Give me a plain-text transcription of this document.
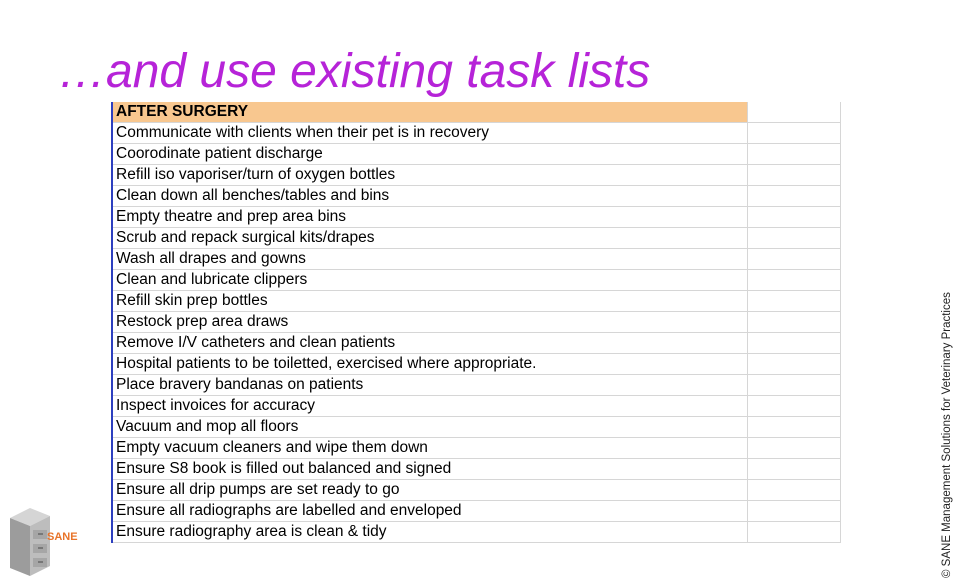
…and use existing task lists
AFTER SURGERY	
Communicate with clients when their pet is in recovery	
Coorodinate patient discharge	
Refill iso vaporiser/turn of oxygen bottles	
Clean down all benches/tables and bins	
Empty theatre and prep area bins	
Scrub and repack surgical kits/drapes	
Wash all drapes and gowns	
Clean and lubricate clippers	
Refill skin prep bottles	
Restock prep area draws	
Remove I/V catheters and clean patients	
Hospital patients to be toiletted, exercised where appropriate.	
Place bravery bandanas on patients	
Inspect invoices for accuracy	
Vacuum and mop all floors	
Empty vacuum cleaners and wipe them down	
Ensure S8 book is filled out balanced and signed	
Ensure all drip pumps are set ready to go	
Ensure all radiographs are labelled and enveloped	
Ensure radiography area is clean & tidy	
SANE	© SANE Management Solutions for Veterinary Practices
